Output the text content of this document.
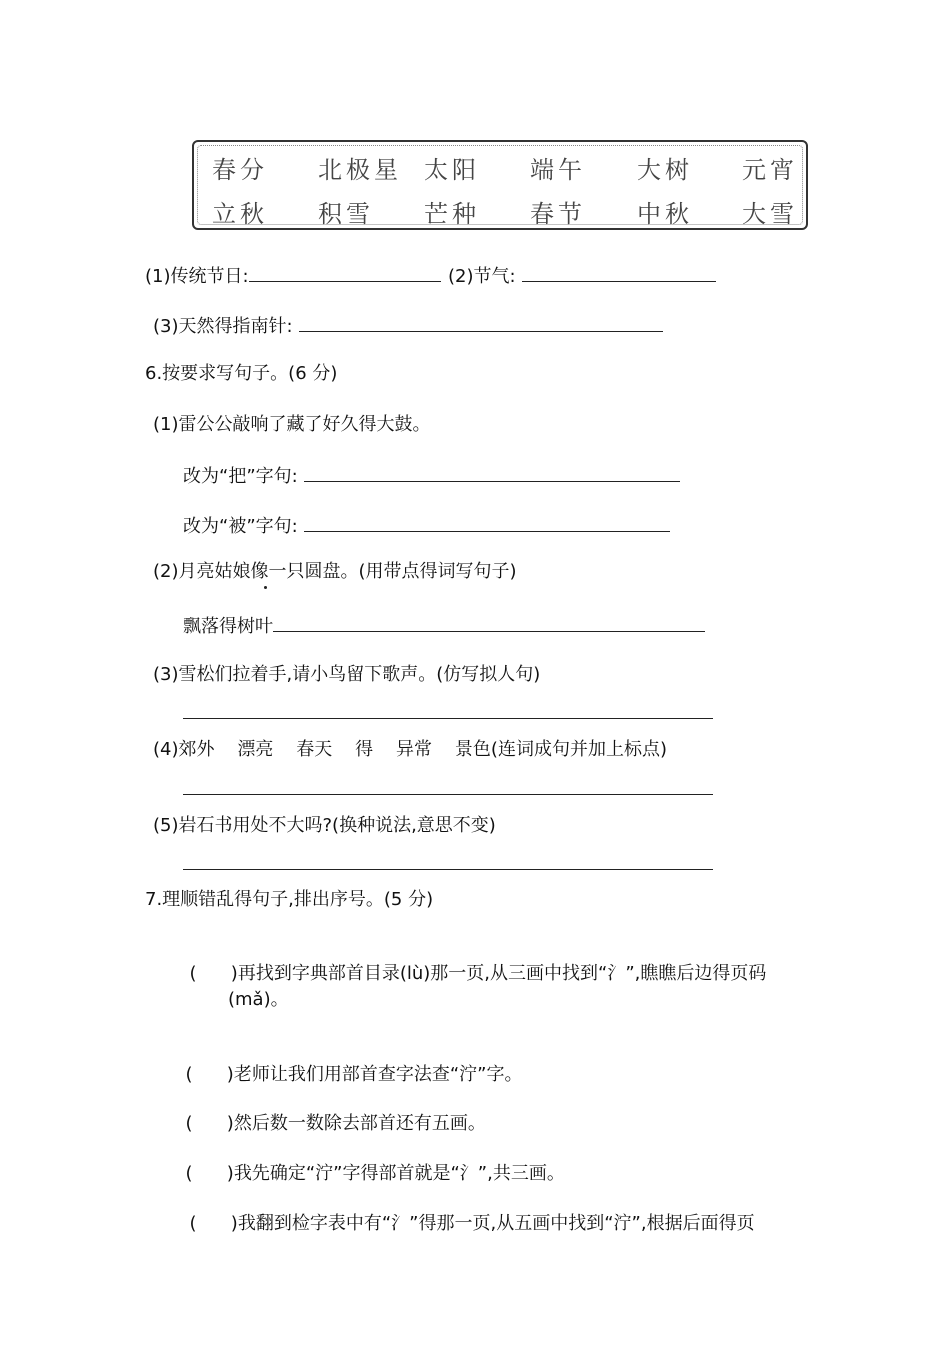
春分 北极星 太阳 端午 大树 元宵
立秋 积雪 芒种 春节 中秋 大雪
(1)传统节日:	(2)节气:
(3)天然得指南针:
6.按要求写句子。(6 分)
(1)雷公公敲响了藏了好久得大鼓。
改为“把”字句:
改为“被”字句:
(2)月亮姑娘像一只圆盘。(用带点得词写句子)
飘落得树叶
(3)雪松们拉着手,请小鸟留下歌声。(仿写拟人句)
(4)郊外    漂亮    春天    得    异常    景色(连词成句并加上标点)
(5)岩石书用处不大吗?(换种说法,意思不变)
7.理顺错乱得句子,排出序号。(5 分)

(      )再找到字典部首目录(lù)那一页,从三画中找到“氵”,瞧瞧后边得页码

(mǎ)。

(      )老师让我们用部首查字法查“泞”字。

(      )然后数一数除去部首还有五画。

(      )我先确定“泞”字得部首就是“氵”,共三画。

(      )我翻到检字表中有“氵”得那一页,从五画中找到“泞”,根据后面得页
